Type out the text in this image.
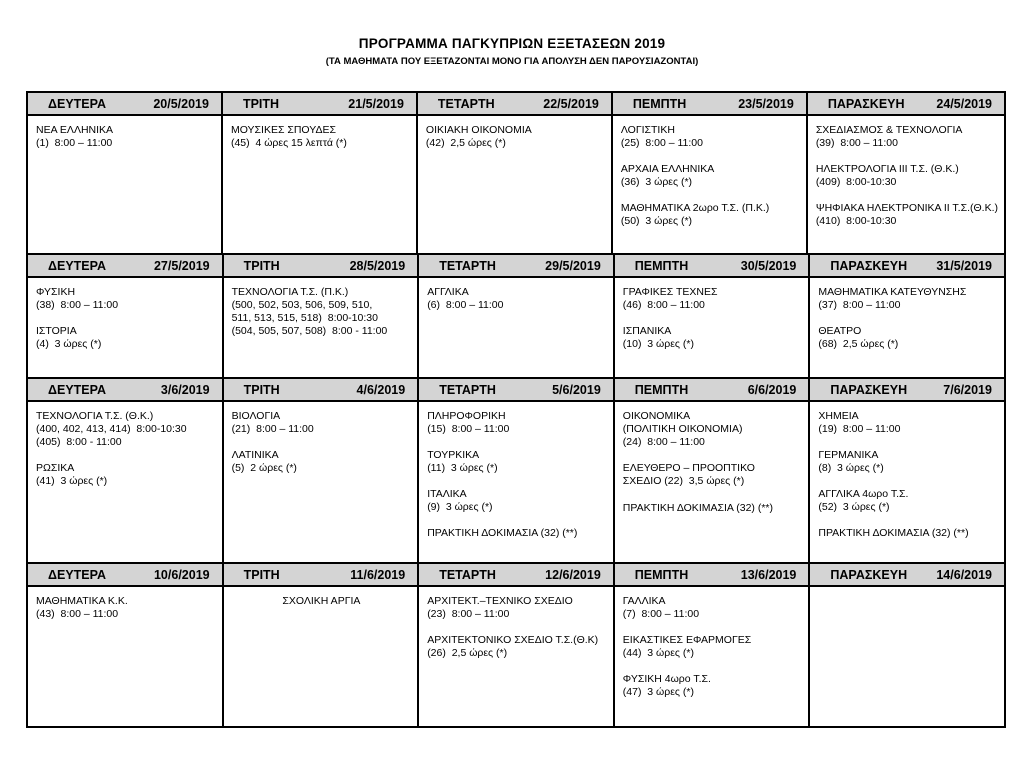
ΠΡΟΓΡΑΜΜΑ ΠΑΓΚΥΠΡΙΩΝ ΕΞΕΤΑΣΕΩΝ 2019
(ΤΑ ΜΑΘΗΜΑΤΑ ΠΟΥ ΕΞΕΤΑΖΟΝΤΑΙ ΜΟΝΟ ΓΙΑ ΑΠΟΛΥΣΗ ΔΕΝ ΠΑΡΟΥΣΙΑΖΟΝΤΑΙ)
ΔΕΥΤΕΡΑ	20/5/2019
ΝΕΑ ΕΛΛΗΝΙΚΑ
(1)  8:00 – 11:00
ΤΡΙΤΗ	21/5/2019
ΜΟΥΣΙΚΕΣ ΣΠΟΥΔΕΣ
(45)  4 ώρες 15 λεπτά (*)
ΤΕΤΑΡΤΗ	22/5/2019
ΟΙΚΙΑΚΗ ΟΙΚΟΝΟΜΙΑ
(42)  2,5 ώρες (*)
ΠΕΜΠΤΗ	23/5/2019
ΛΟΓΙΣΤΙΚΗ
(25)  8:00 – 11:00
ΑΡΧΑΙΑ ΕΛΛΗΝΙΚΑ
(36)  3 ώρες (*)
ΜΑΘΗΜΑΤΙΚΑ 2ωρο Τ.Σ. (Π.Κ.)
(50)  3 ώρες (*)
ΠΑΡΑΣΚΕΥΗ	24/5/2019
ΣΧΕΔΙΑΣΜΟΣ & ΤΕΧΝΟΛΟΓΙΑ
(39)  8:00 – 11:00
ΗΛΕΚΤΡΟΛΟΓΙΑ ΙΙΙ Τ.Σ. (Θ.Κ.)
(409)  8:00-10:30
ΨΗΦΙΑΚΑ ΗΛΕΚΤΡΟΝΙΚΑ ΙΙ Τ.Σ.(Θ.Κ.)
(410)  8:00-10:30
ΔΕΥΤΕΡΑ	27/5/2019
ΦΥΣΙΚΗ
(38)  8:00 – 11:00
ΙΣΤΟΡΙΑ
(4)  3 ώρες (*)
ΤΡΙΤΗ	28/5/2019
ΤΕΧΝΟΛΟΓΙΑ Τ.Σ. (Π.Κ.)
(500, 502, 503, 506, 509, 510,
511, 513, 515, 518)  8:00-10:30
(504, 505, 507, 508)  8:00 - 11:00
ΤΕΤΑΡΤΗ	29/5/2019
ΑΓΓΛΙΚΑ
(6)  8:00 – 11:00
ΠΕΜΠΤΗ	30/5/2019
ΓΡΑΦΙΚΕΣ ΤΕΧΝΕΣ
(46)  8:00 – 11:00
ΙΣΠΑΝΙΚΑ
(10)  3 ώρες (*)
ΠΑΡΑΣΚΕΥΗ 31/5/2019
ΜΑΘΗΜΑΤΙΚΑ ΚΑΤΕΥΘΥΝΣΗΣ
(37)  8:00 – 11:00
ΘΕΑΤΡΟ
(68)  2,5 ώρες (*)
ΔΕΥΤΕΡΑ	3/6/2019
ΤΕΧΝΟΛΟΓΙΑ Τ.Σ. (Θ.Κ.)
(400, 402, 413, 414)  8:00-10:30
(405)  8:00 - 11:00
ΡΩΣΙΚΑ
(41)  3 ώρες (*)
ΤΡΙΤΗ	4/6/2019
ΒΙΟΛΟΓΙΑ
(21)  8:00 – 11:00
ΛΑΤΙΝΙΚΑ
(5)  2 ώρες (*)
ΤΕΤΑΡΤΗ	5/6/2019
ΠΛΗΡΟΦΟΡΙΚΗ
(15)  8:00 – 11:00
ΤΟΥΡΚΙΚΑ
(11)  3 ώρες (*)
ΙΤΑΛΙΚΑ
(9)  3 ώρες (*)
ΠΡΑΚΤΙΚΗ ΔΟΚΙΜΑΣΙΑ (32) (**)
ΠΕΜΠΤΗ	6/6/2019
ΟΙΚΟΝΟΜΙΚΑ
(ΠΟΛΙΤΙΚΗ ΟΙΚΟΝΟΜΙΑ)
(24)  8:00 – 11:00
ΕΛΕΥΘΕΡΟ – ΠΡΟΟΠΤΙΚΟ
ΣΧΕΔΙΟ (22)  3,5 ώρες (*)
ΠΡΑΚΤΙΚΗ ΔΟΚΙΜΑΣΙΑ (32) (**)
ΠΑΡΑΣΚΕΥΗ	7/6/2019
ΧΗΜΕΙΑ
(19)  8:00 – 11:00
ΓΕΡΜΑΝΙΚΑ
(8)  3 ώρες (*)
ΑΓΓΛΙΚΑ 4ωρο Τ.Σ.
(52)  3 ώρες (*)
ΠΡΑΚΤΙΚΗ ΔΟΚΙΜΑΣΙΑ (32) (**)
ΔΕΥΤΕΡΑ	10/6/2019
ΜΑΘΗΜΑΤΙΚΑ Κ.Κ.
(43)  8:00 – 11:00
ΤΡΙΤΗ	11/6/2019
ΣΧΟΛΙΚΗ ΑΡΓΙΑ
ΤΕΤΑΡΤΗ	12/6/2019
ΑΡΧΙΤΕΚΤ.–ΤΕΧΝΙΚΟ ΣΧΕΔΙΟ
(23)  8:00 – 11:00
ΑΡΧΙΤΕΚΤΟΝΙΚΟ ΣΧΕΔΙΟ Τ.Σ.(Θ.Κ)
(26)  2,5 ώρες (*)
ΠΕΜΠΤΗ	13/6/2019
ΓΑΛΛΙΚΑ
(7)  8:00 – 11:00
ΕΙΚΑΣΤΙΚΕΣ ΕΦΑΡΜΟΓΕΣ
(44)  3 ώρες (*)
ΦΥΣΙΚΗ 4ωρο Τ.Σ.
(47)  3 ώρες (*)
ΠΑΡΑΣΚΕΥΗ 14/6/2019
